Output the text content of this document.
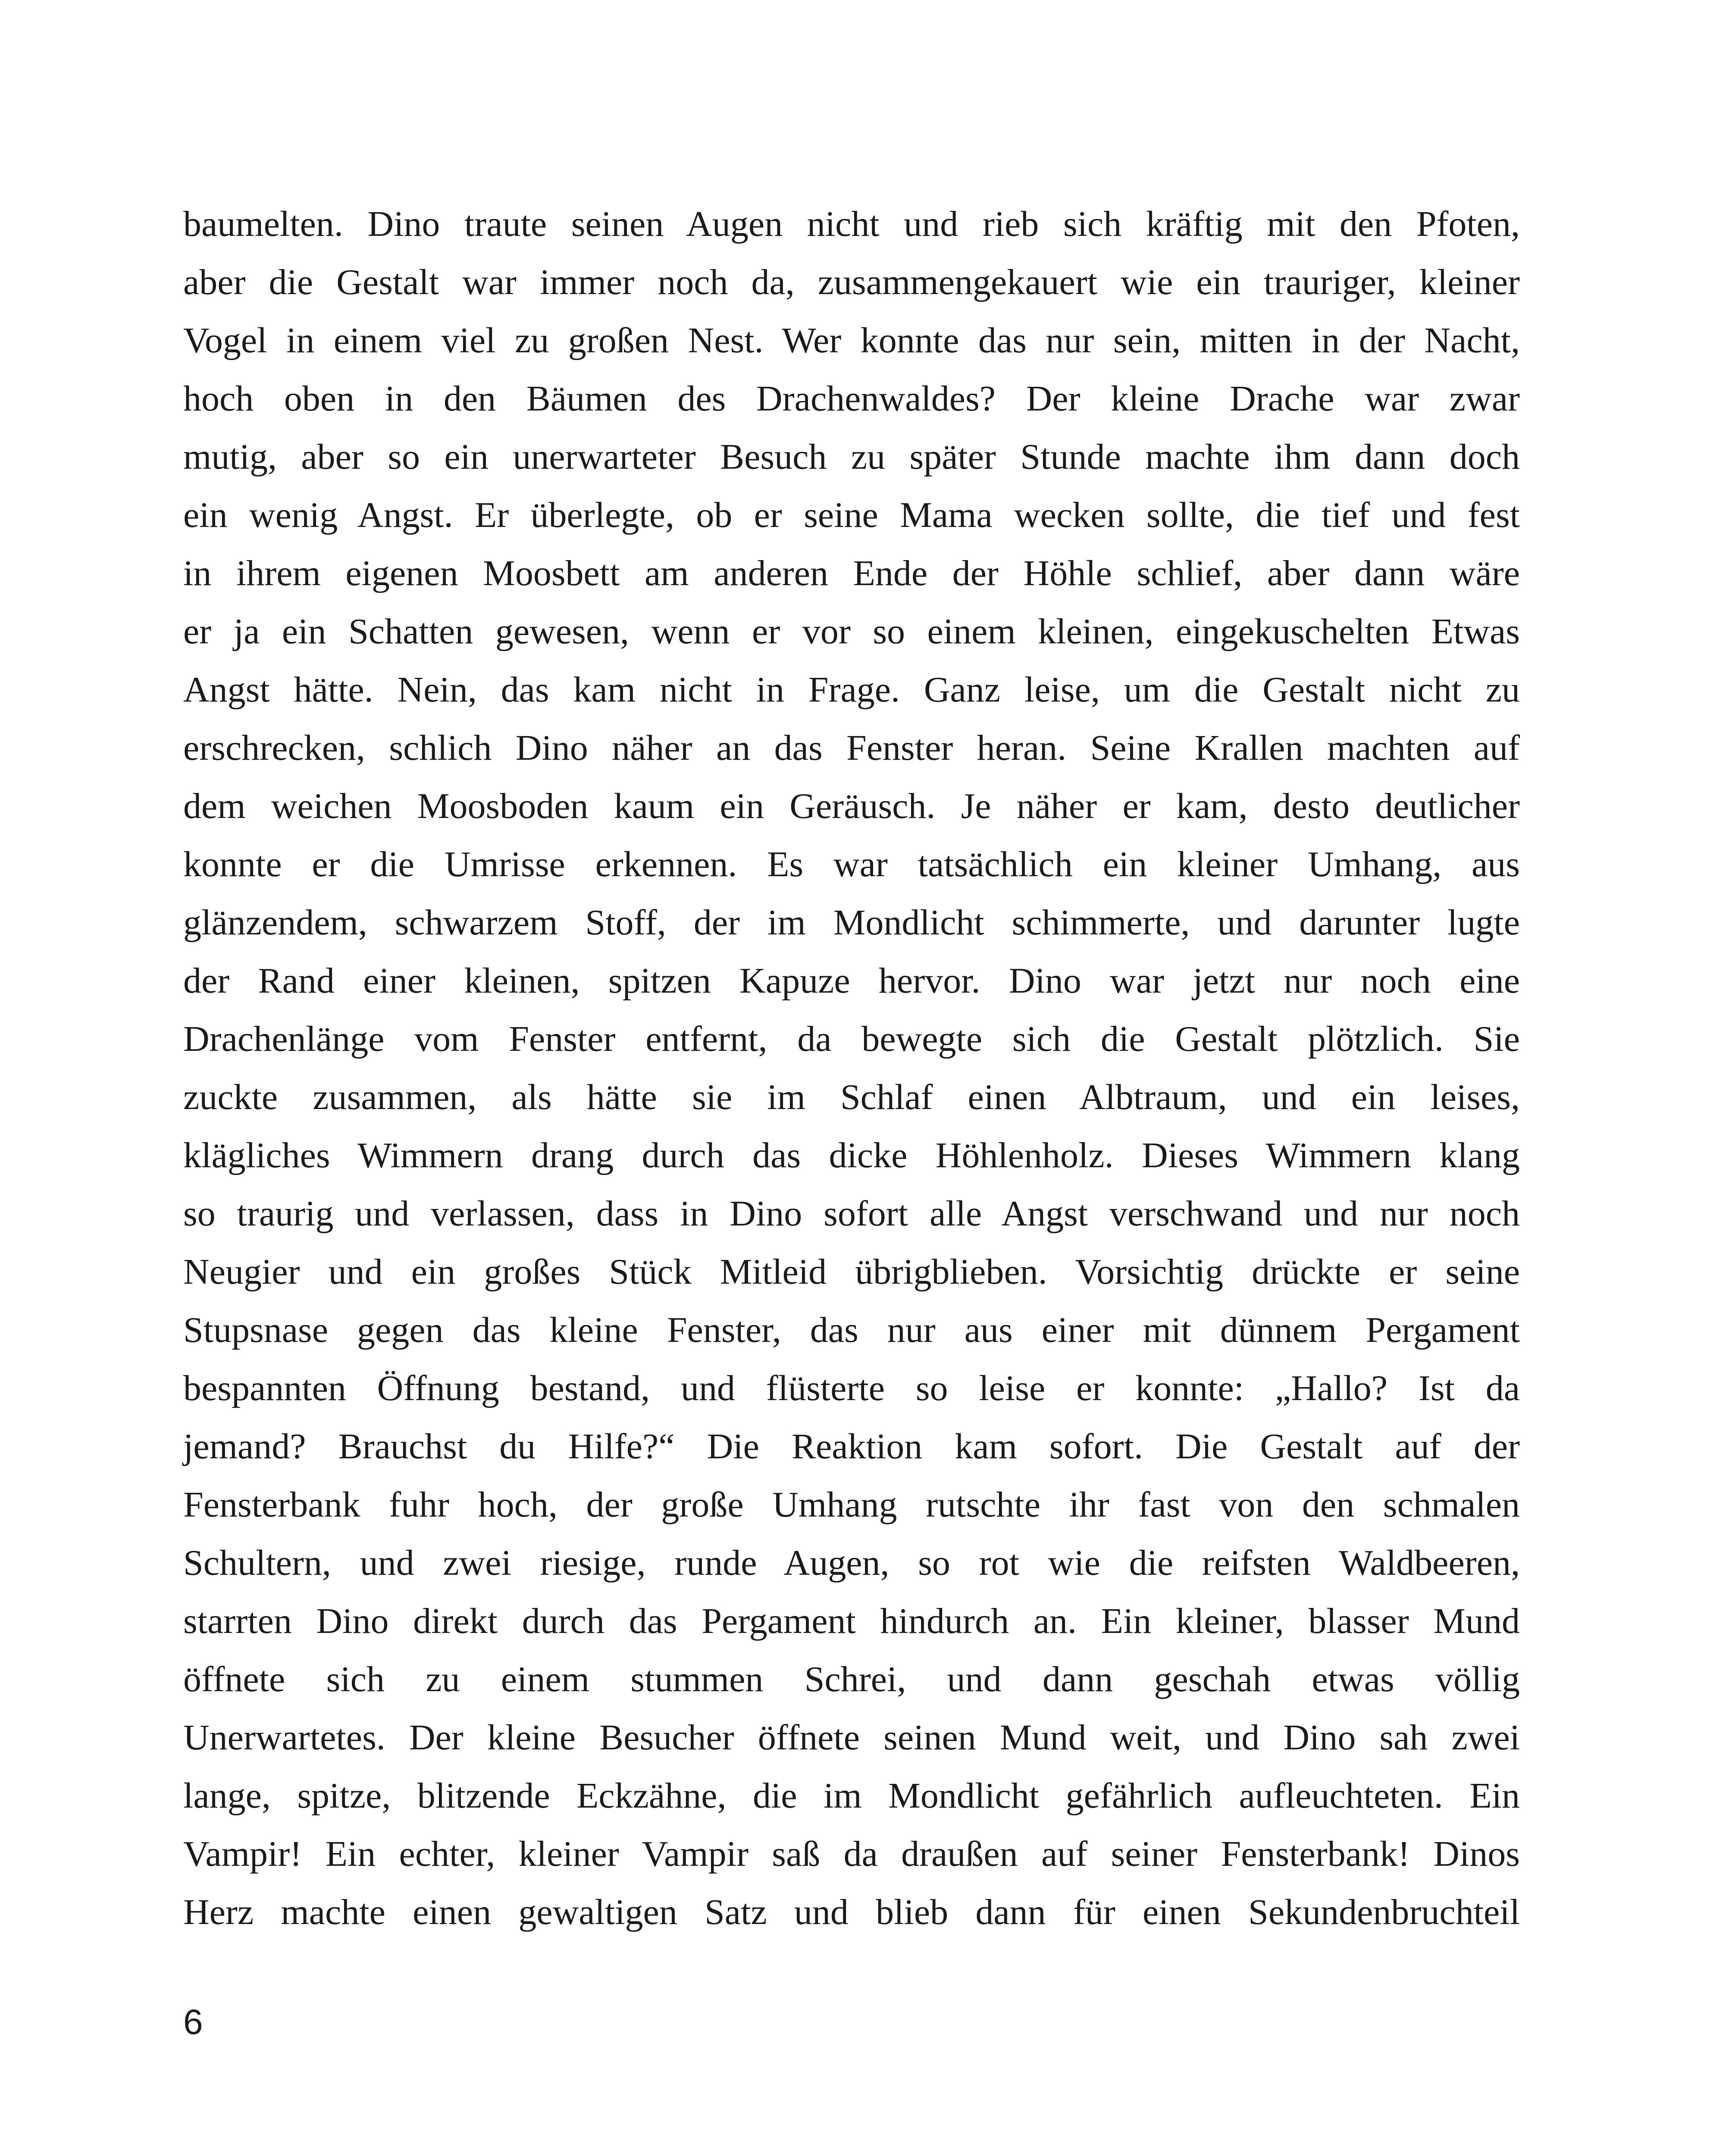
baumelten. Dino traute seinen Augen nicht und rieb sich kräftig mit den Pfoten,
aber die Gestalt war immer noch da, zusammengekauert wie ein trauriger, kleiner
Vogel in einem viel zu großen Nest. Wer konnte das nur sein, mitten in der Nacht,
hoch oben in den Bäumen des Drachenwaldes? Der kleine Drache war zwar
mutig, aber so ein unerwarteter Besuch zu später Stunde machte ihm dann doch
ein wenig Angst. Er überlegte, ob er seine Mama wecken sollte, die tief und fest
in ihrem eigenen Moosbett am anderen Ende der Höhle schlief, aber dann wäre
er ja ein Schatten gewesen, wenn er vor so einem kleinen, eingekuschelten Etwas
Angst hätte. Nein, das kam nicht in Frage. Ganz leise, um die Gestalt nicht zu
erschrecken, schlich Dino näher an das Fenster heran. Seine Krallen machten auf
dem weichen Moosboden kaum ein Geräusch. Je näher er kam, desto deutlicher
konnte er die Umrisse erkennen. Es war tatsächlich ein kleiner Umhang, aus
glänzendem, schwarzem Stoff, der im Mondlicht schimmerte, und darunter lugte
der Rand einer kleinen, spitzen Kapuze hervor. Dino war jetzt nur noch eine
Drachenlänge vom Fenster entfernt, da bewegte sich die Gestalt plötzlich. Sie
zuckte zusammen, als hätte sie im Schlaf einen Albtraum, und ein leises,
klägliches Wimmern drang durch das dicke Höhlenholz. Dieses Wimmern klang
so traurig und verlassen, dass in Dino sofort alle Angst verschwand und nur noch
Neugier und ein großes Stück Mitleid übrigblieben. Vorsichtig drückte er seine
Stupsnase gegen das kleine Fenster, das nur aus einer mit dünnem Pergament
bespannten Öffnung bestand, und flüsterte so leise er konnte: „Hallo? Ist da
jemand? Brauchst du Hilfe?“ Die Reaktion kam sofort. Die Gestalt auf der
Fensterbank fuhr hoch, der große Umhang rutschte ihr fast von den schmalen
Schultern, und zwei riesige, runde Augen, so rot wie die reifsten Waldbeeren,
starrten Dino direkt durch das Pergament hindurch an. Ein kleiner, blasser Mund
öffnete sich zu einem stummen Schrei, und dann geschah etwas völlig
Unerwartetes. Der kleine Besucher öffnete seinen Mund weit, und Dino sah zwei
lange, spitze, blitzende Eckzähne, die im Mondlicht gefährlich aufleuchteten. Ein
Vampir! Ein echter, kleiner Vampir saß da draußen auf seiner Fensterbank! Dinos
Herz machte einen gewaltigen Satz und blieb dann für einen Sekundenbruchteil
6
